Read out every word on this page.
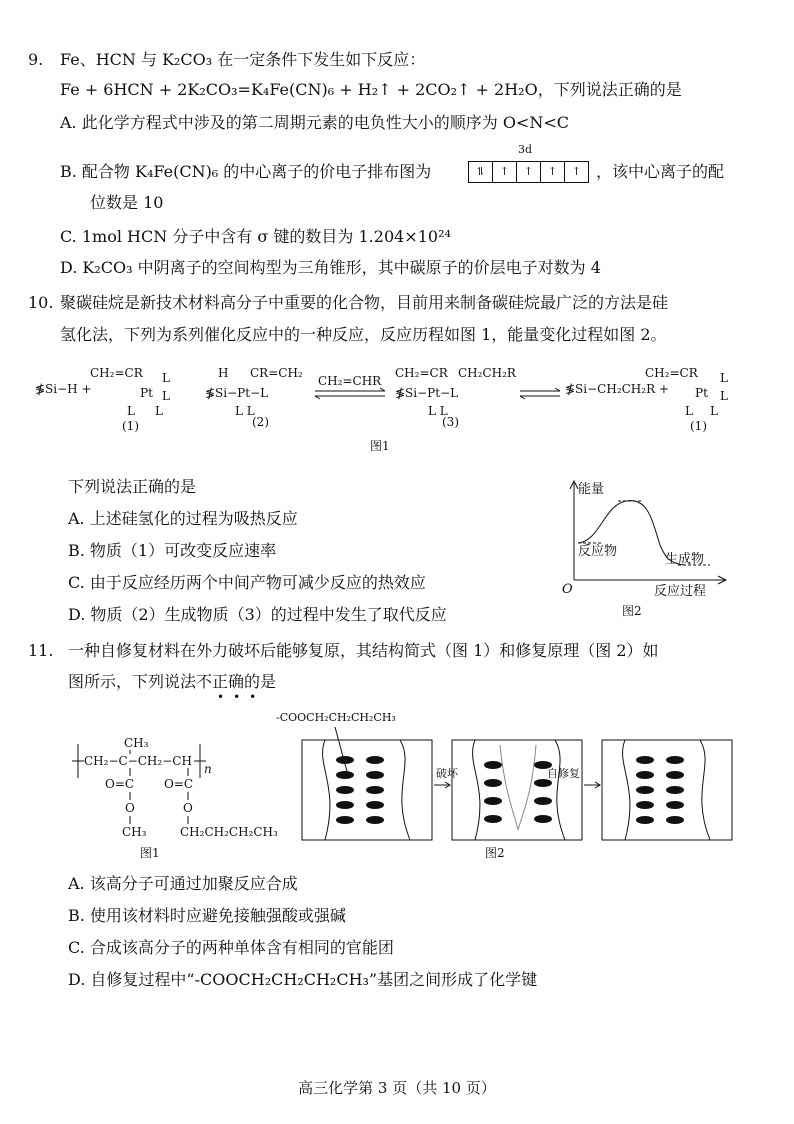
9. Fe、HCN 与 K₂CO₃ 在一定条件下发生如下反应：
Fe + 6HCN + 2K₂CO₃=K₄Fe(CN)₆ + H₂↑ + 2CO₂↑ + 2H₂O，下列说法正确的是
A. 此化学方程式中涉及的第二周期元素的电负性大小的顺序为 O<N<C
B. 配合物 K₄Fe(CN)₆ 的中心离子的价电子排布图为
3d
⥮	↑	↑	↑	↑ ，该中心离子的配
位数是 10
C. 1mol HCN 分子中含有 σ 键的数目为 1.204×10²⁴
D. K₂CO₃ 中阴离子的空间构型为三角锥形，其中碳原子的价层电子对数为 4
10. 聚碳硅烷是新技术材料高分子中重要的化合物，目前用来制备碳硅烷最广泛的方法是硅
氢化法，下列为系列催化反应中的一种反应，反应历程如图 1，能量变化过程如图 2。
≸Si−H +
CH₂=CR
Pt
L
L
L L
(1)
H CR=CH₂
≸Si−Pt−L
L L
(2)
CH₂=CHR
CH₂=CR CH₂CH₂R
≸Si−Pt−L
L L
(3)
≸Si−CH₂CH₂R +
CH₂=CR
Pt
L
L
L L
(1)
图1
下列说法正确的是
A. 上述硅氢化的过程为吸热反应
B. 物质（1）可改变反应速率
C. 由于反应经历两个中间产物可减少反应的热效应
D. 物质（2）生成物质（3）的过程中发生了取代反应
能量
O
反应物
生成物
反应过程
图2
11. 一种自修复材料在外力破坏后能够复原，其结构简式（图 1）和修复原理（图 2）如
图所示，下列说法不正确的是
•••
CH₂−C−CH₂−CH
n
CH₃
O=C O=C
O	O
CH₃	CH₂CH₂CH₂CH₃
图1
-COOCH₂CH₂CH₂CH₃
破坏	自修复
图2
A. 该高分子可通过加聚反应合成
B. 使用该材料时应避免接触强酸或强碱
C. 合成该高分子的两种单体含有相同的官能团
D. 自修复过程中“-COOCH₂CH₂CH₂CH₃”基团之间形成了化学键
高三化学第 3 页（共 10 页）
